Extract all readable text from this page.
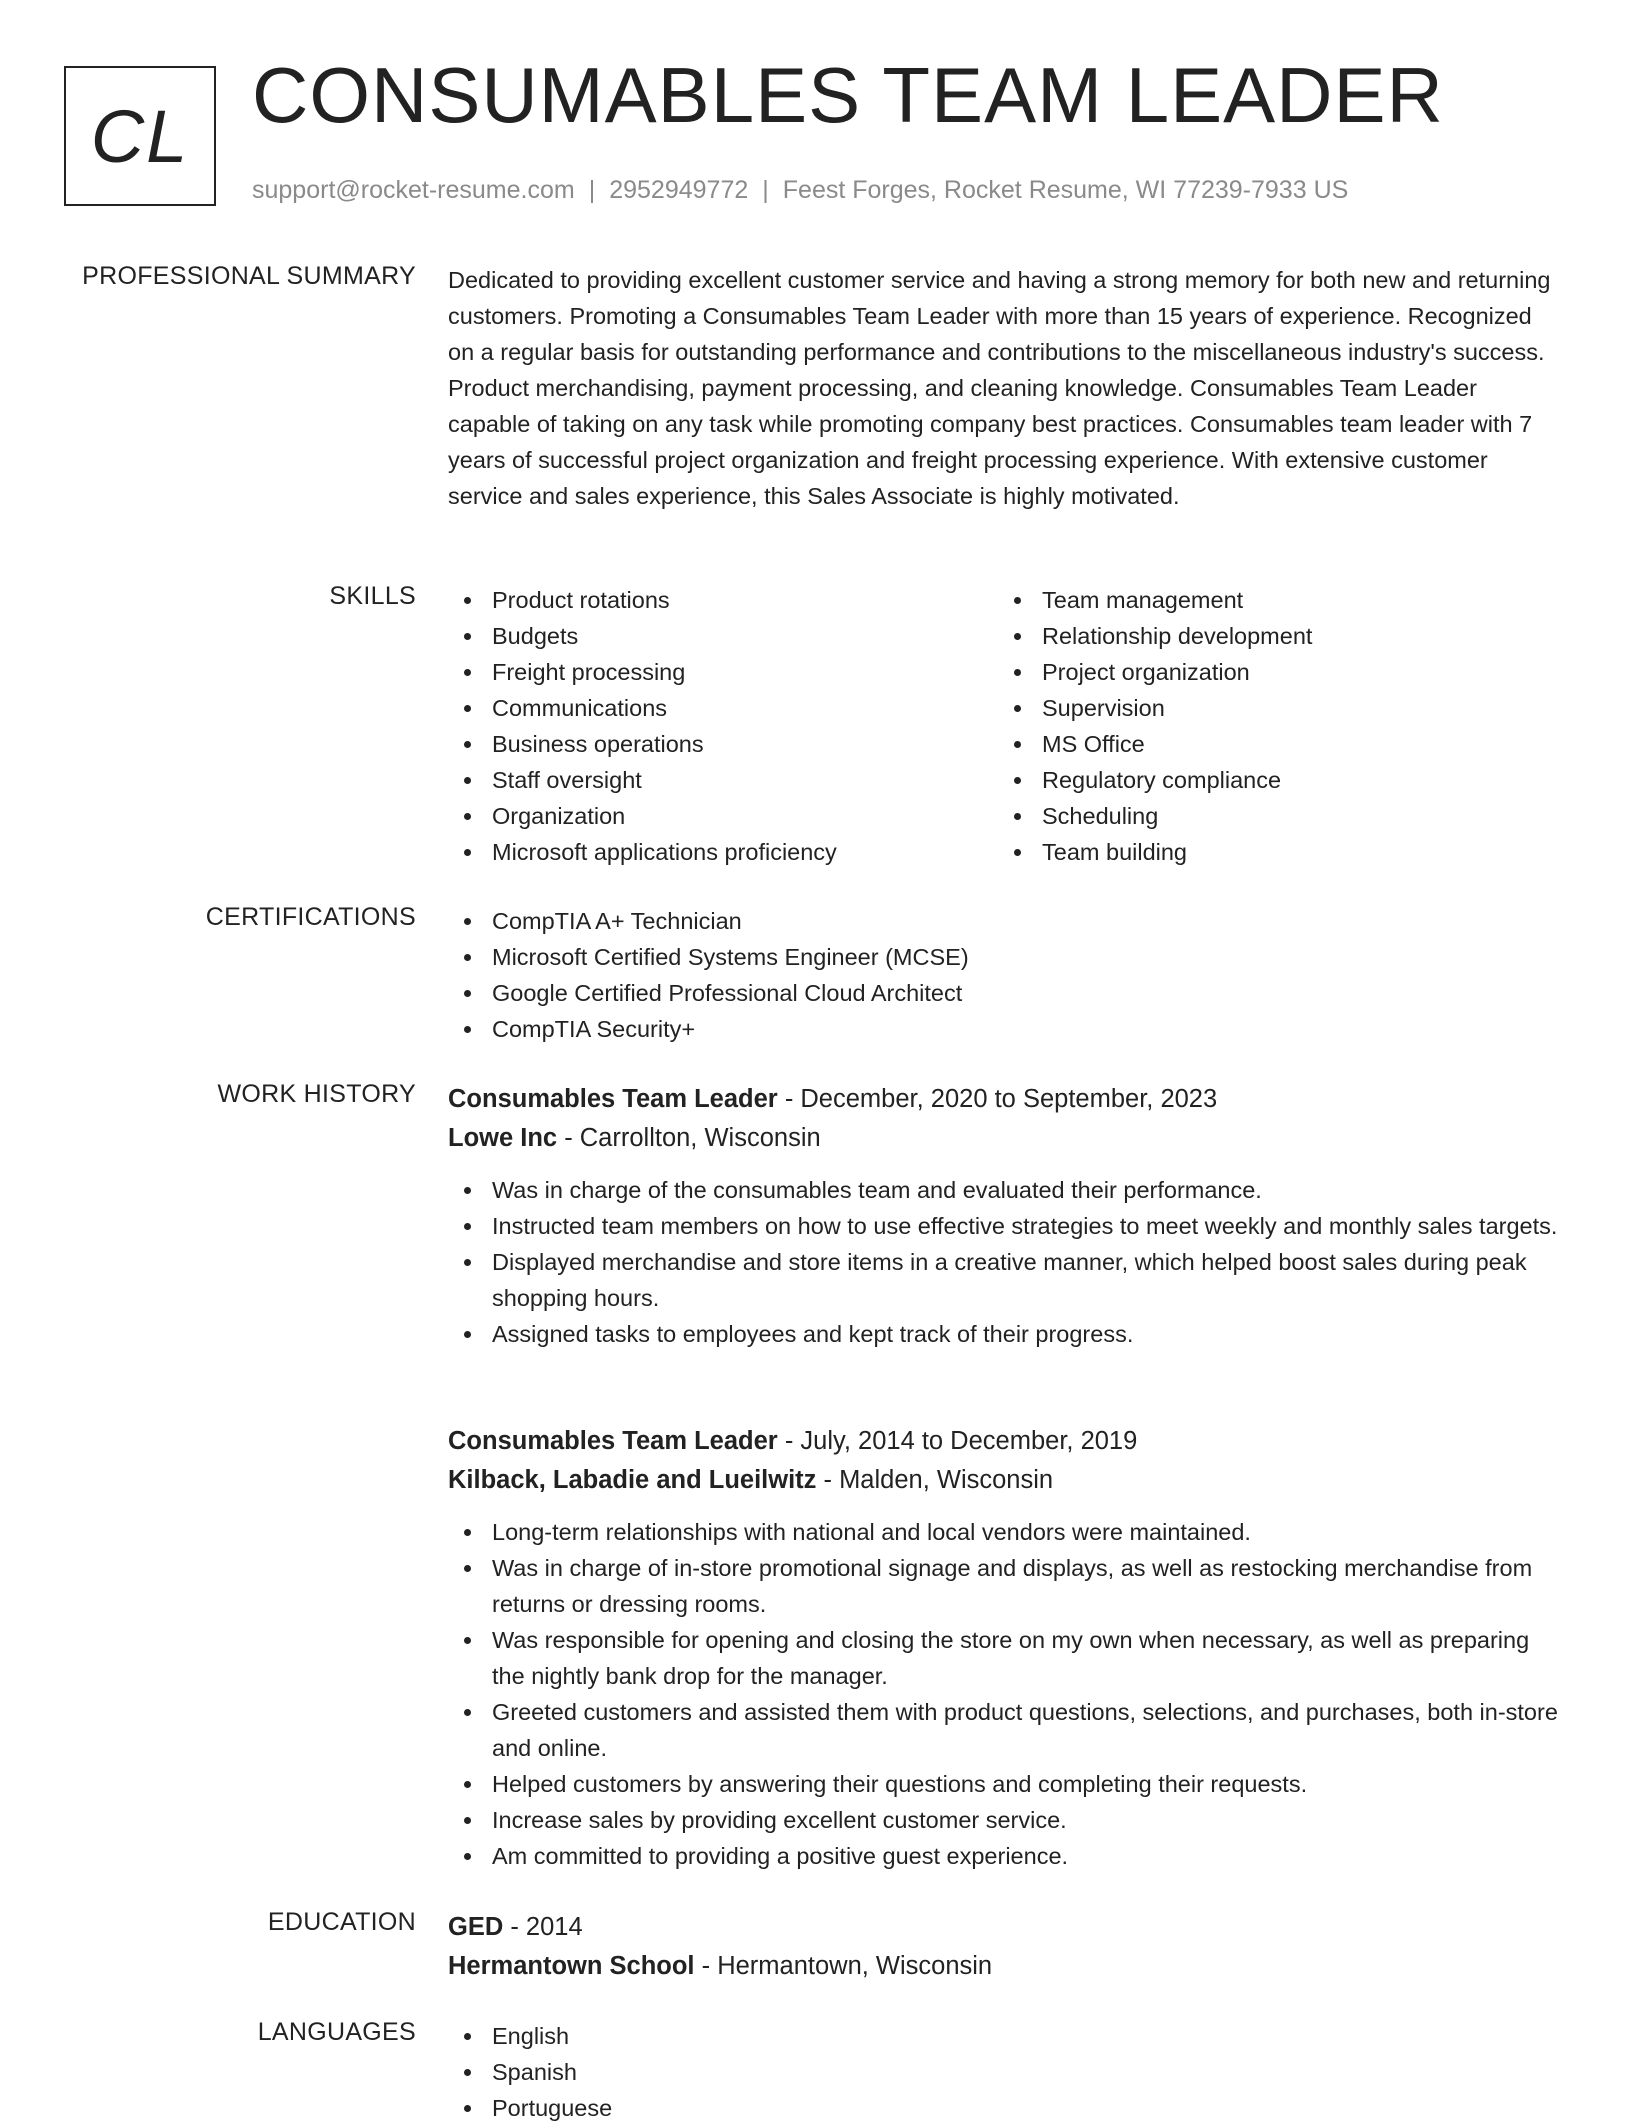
CL CONSUMABLES TEAM LEADER
support@rocket-resume.com | 2952949772 | Feest Forges, Rocket Resume, WI 77239-7933 US
PROFESSIONAL SUMMARY Dedicated to providing excellent customer service and having a strong memory for both new and returning customers. Promoting a Consumables Team Leader with more than 15 years of experience. Recognized on a regular basis for outstanding performance and contributions to the miscellaneous industry's success. Product merchandising, payment processing, and cleaning knowledge. Consumables Team Leader capable of taking on any task while promoting company best practices. Consumables team leader with 7 years of successful project organization and freight processing experience. With extensive customer service and sales experience, this Sales Associate is highly motivated.

SKILLS	Product rotations
Budgets
Freight processing
Communications
Business operations
Staff oversight
Organization
Microsoft applications proficiency
Team management
Relationship development
Project organization
Supervision
MS Office
Regulatory compliance
Scheduling
Team building
CERTIFICATIONS	CompTIA A+ Technician
Microsoft Certified Systems Engineer (MCSE)
Google Certified Professional Cloud Architect
CompTIA Security+
WORK HISTORY Consumables Team Leader - December, 2020 to September, 2023
Lowe Inc - Carrollton, Wisconsin
Was in charge of the consumables team and evaluated their performance.
Instructed team members on how to use effective strategies to meet weekly and monthly sales targets.
Displayed merchandise and store items in a creative manner, which helped boost sales during peak shopping hours.
Assigned tasks to employees and kept track of their progress.
Consumables Team Leader - July, 2014 to December, 2019
Kilback, Labadie and Lueilwitz - Malden, Wisconsin
Long-term relationships with national and local vendors were maintained.
Was in charge of in-store promotional signage and displays, as well as restocking merchandise from returns or dressing rooms.
Was responsible for opening and closing the store on my own when necessary, as well as preparing the nightly bank drop for the manager.
Greeted customers and assisted them with product questions, selections, and purchases, both in-store and online.
Helped customers by answering their questions and completing their requests.
Increase sales by providing excellent customer service.
Am committed to providing a positive guest experience.
EDUCATION GED - 2014
Hermantown School - Hermantown, Wisconsin
LANGUAGES	English
Spanish
Portuguese
